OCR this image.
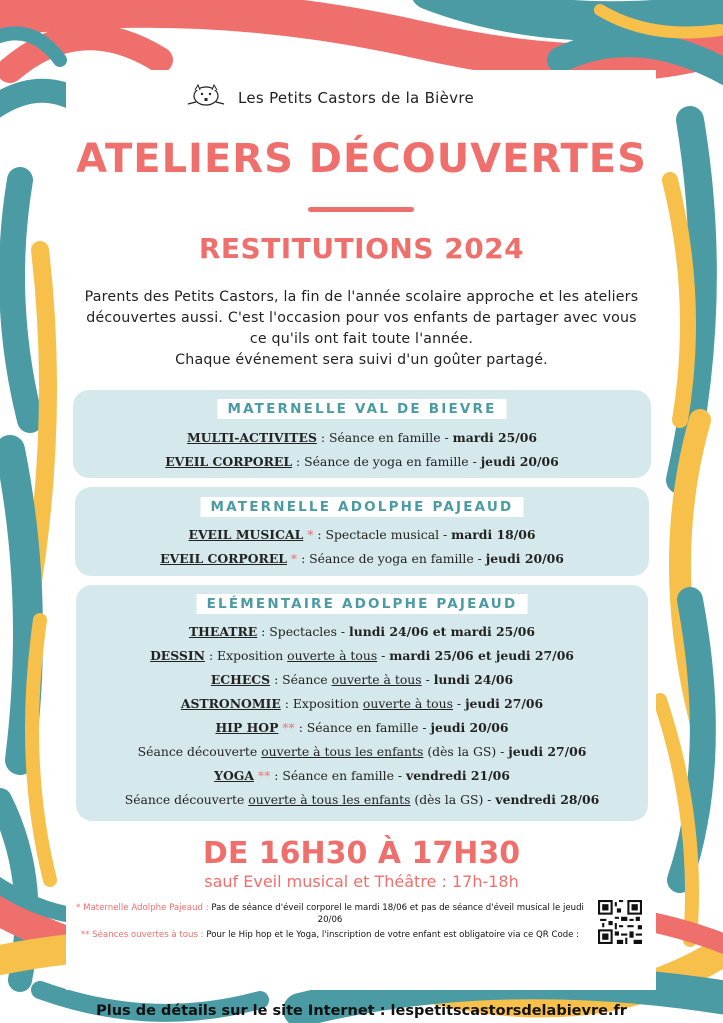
Les Petits Castors de la Bièvre
ATELIERS DÉCOUVERTES
RESTITUTIONS 2024
Parents des Petits Castors, la fin de l'année scolaire approche et les ateliers
découvertes aussi. C'est l'occasion pour vos enfants de partager avec vous
ce qu'ils ont fait toute l'année.
Chaque événement sera suivi d'un goûter partagé.
MATERNELLE VAL DE BIEVRE
MULTI-ACTIVITES : Séance en famille - mardi 25/06
EVEIL CORPOREL : Séance de yoga en famille - jeudi 20/06
MATERNELLE ADOLPHE PAJEAUD
EVEIL MUSICAL * : Spectacle musical - mardi 18/06
EVEIL CORPOREL * : Séance de yoga en famille - jeudi 20/06
ELÉMENTAIRE ADOLPHE PAJEAUD
THEATRE : Spectacles - lundi 24/06 et mardi 25/06
DESSIN : Exposition ouverte à tous - mardi 25/06 et jeudi 27/06
ECHECS : Séance ouverte à tous - lundi 24/06
ASTRONOMIE : Exposition ouverte à tous - jeudi 27/06
HIP HOP ** : Séance en famille - jeudi 20/06
Séance découverte ouverte à tous les enfants (dès la GS) - jeudi 27/06
YOGA ** : Séance en famille - vendredi 21/06
Séance découverte ouverte à tous les enfants (dès la GS) - vendredi 28/06
DE 16H30 À 17H30
sauf Eveil musical et Théâtre : 17h-18h
* Maternelle Adolphe Pajeaud : Pas de séance d'éveil corporel le mardi 18/06 et pas de séance d'éveil musical le jeudi 20/06
** Séances ouvertes à tous : Pour le Hip hop et le Yoga, l'inscription de votre enfant est obligatoire via ce QR Code :
Plus de détails sur le site Internet : lespetitscastorsdelabievre.fr
